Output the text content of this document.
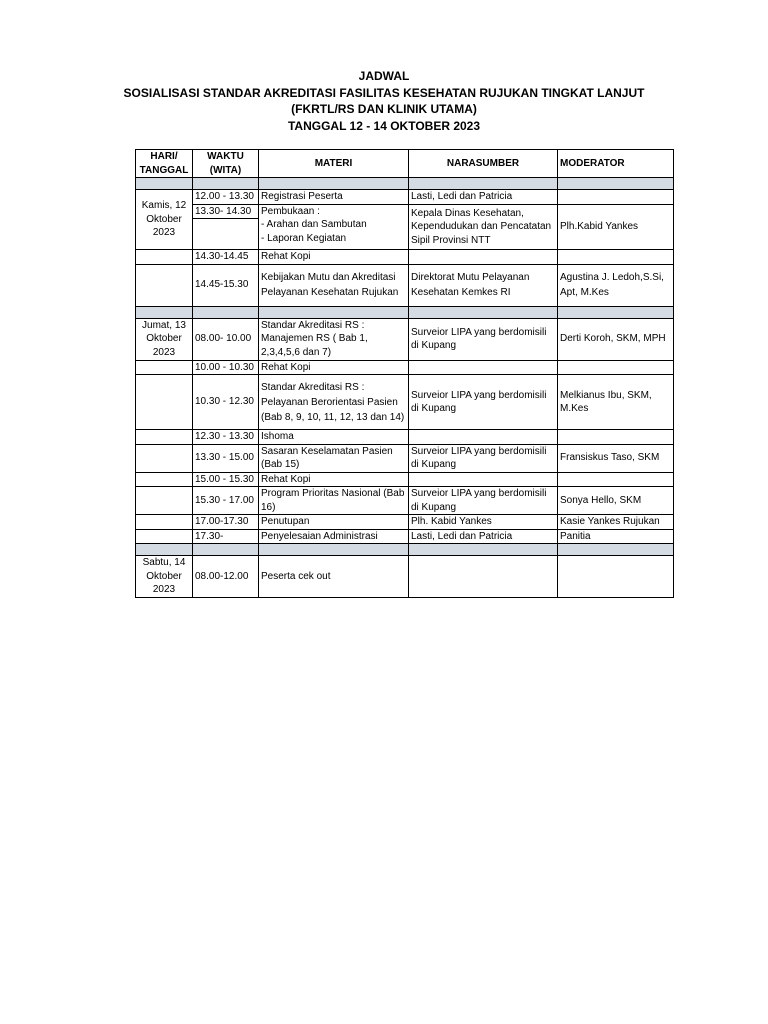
JADWAL
SOSIALISASI STANDAR AKREDITASI FASILITAS KESEHATAN RUJUKAN TINGKAT LANJUT
(FKRTL/RS DAN KLINIK UTAMA)
TANGGAL 12 - 14 OKTOBER 2023
HARI/
TANGGAL	WAKTU
(WITA)	MATERI	NARASUMBER	MODERATOR

Kamis, 12 Oktober 2023	12.00 - 13.30	Registrasi Peserta	Lasti, Ledi dan Patricia	
	13.30- 14.30	Pembukaan :
- Arahan dan Sambutan
- Laporan Kegiatan	Kepala Dinas Kesehatan, Kependudukan dan Pencatatan Sipil Provinsi NTT	Plh.Kabid Yankes

	14.30-14.45	Rehat Kopi		
	14.45-15.30	Kebijakan Mutu dan Akreditasi Pelayanan Kesehatan Rujukan	Direktorat Mutu Pelayanan Kesehatan Kemkes RI	Agustina J. Ledoh,S.Si, Apt, M.Kes

Jumat, 13 Oktober 2023	08.00- 10.00	Standar Akreditasi RS : Manajemen RS ( Bab 1, 2,3,4,5,6 dan 7)	Surveior LIPA yang berdomisili di Kupang	Derti Koroh, SKM, MPH
	10.00 - 10.30	Rehat Kopi		
	10.30 - 12.30	Standar Akreditasi RS : Pelayanan Berorientasi Pasien (Bab 8, 9, 10, 11, 12, 13 dan 14)	Surveior LIPA yang berdomisili di Kupang	Melkianus Ibu, SKM, M.Kes
	12.30 - 13.30	Ishoma		
	13.30 - 15.00	Sasaran Keselamatan Pasien (Bab 15)	Surveior LIPA yang berdomisili di Kupang	Fransiskus Taso, SKM
	15.00 - 15.30	Rehat Kopi		
	15.30 - 17.00	Program Prioritas Nasional (Bab 16)	Surveior LIPA yang berdomisili di Kupang	Sonya Hello, SKM
	17.00-17.30	Penutupan	Plh. Kabid Yankes	Kasie Yankes Rujukan
	17.30-	Penyelesaian Administrasi	Lasti, Ledi dan Patricia	Panitia

Sabtu, 14 Oktober 2023	08.00-12.00	Peserta cek out		
